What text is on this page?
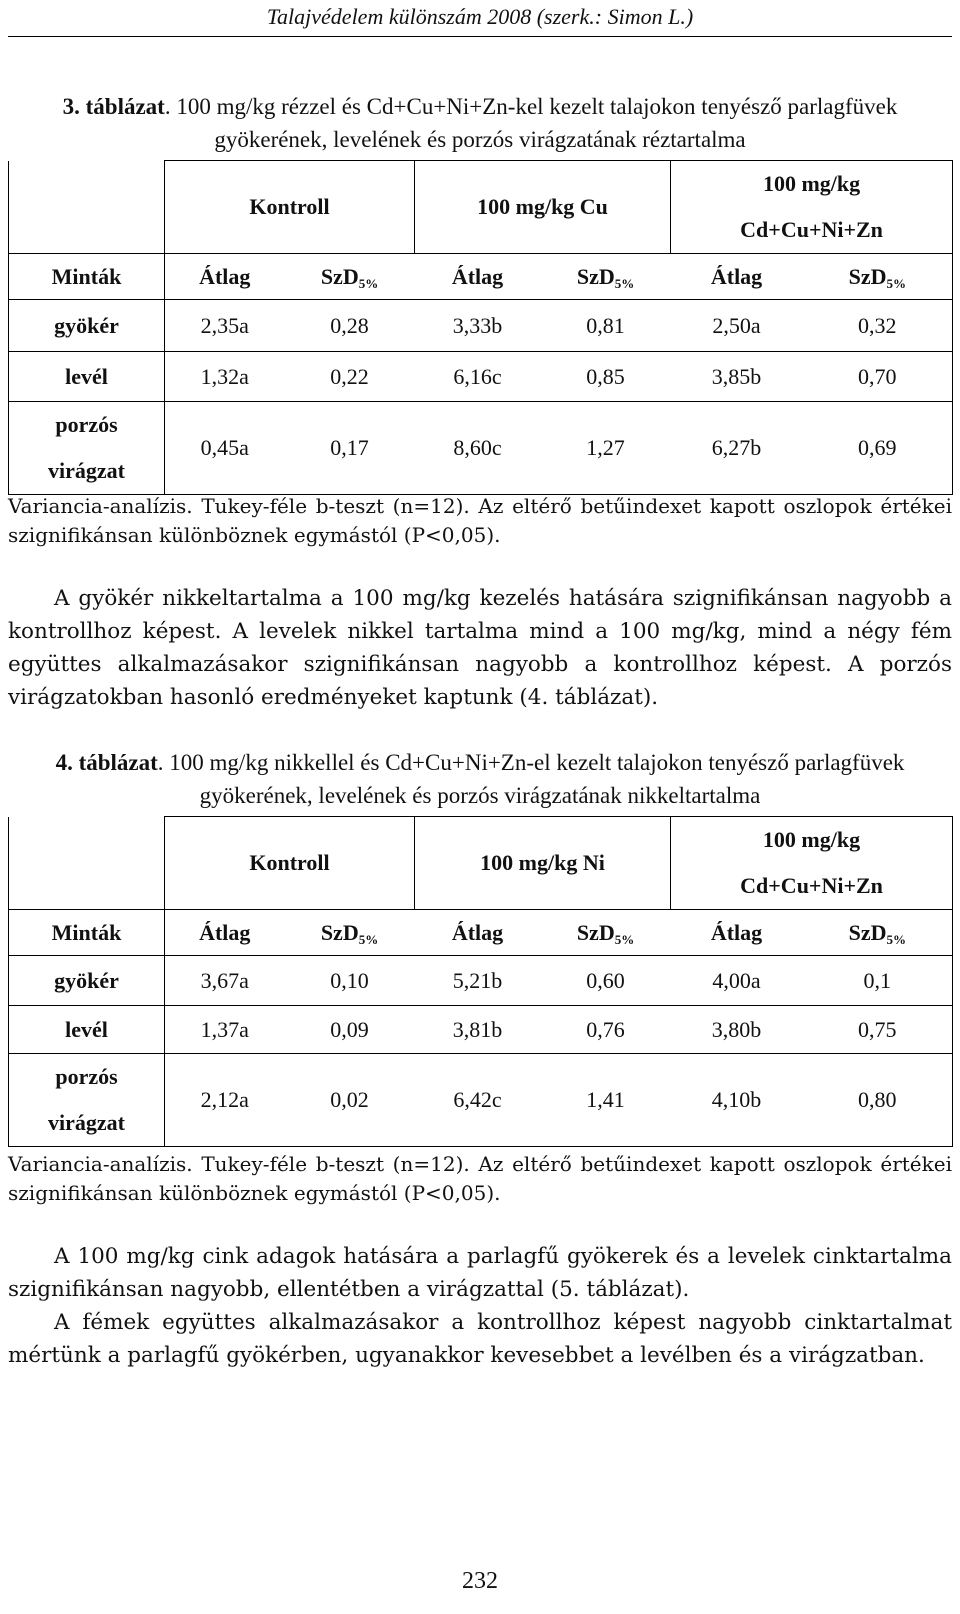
Talajvédelem különszám 2008 (szerk.: Simon L.)
3. táblázat. 100 mg/kg rézzel és Cd+Cu+Ni+Zn-kel kezelt talajokon tenyésző parlagfüvek gyökerének, levelének és porzós virágzatának réztartalma
	Kontroll		100 mg/kg Cu		100 mg/kg
Cd+Cu+Ni+Zn	

Minták	Átlag	SzD$_{5\%}$	Átlag	SzD$_{5\%}$	Átlag	SzD$_{5\%}$
gyökér	2,35a	0,28	3,33b	0,81	2,50a	0,32
levél	1,32a	0,22	6,16c	0,85	3,85b	0,70

porzós
virágzat	0,45a	0,17	8,60c	1,27	6,27b	0,69
Variancia-analízis. Tukey-féle b-teszt (n=12). Az eltérő betűindexet kapott oszlopok értékei szignifikánsan különböznek egymástól (P<0,05).

A gyökér nikkeltartalma a 100 mg/kg kezelés hatására szignifikánsan nagyobb a kontrollhoz képest. A levelek nikkel tartalma mind a 100 mg/kg, mind a négy fém együttes alkalmazásakor szignifikánsan nagyobb a kontrollhoz képest. A porzós virágzatokban hasonló eredményeket kaptunk (4. táblázat).

4. táblázat. 100 mg/kg nikkellel és Cd+Cu+Ni+Zn-el kezelt talajokon tenyésző parlagfüvek gyökerének, levelének és porzós virágzatának nikkeltartalma
	Kontroll		100 mg/kg Ni		100 mg/kg
Cd+Cu+Ni+Zn	

Minták	Átlag	SzD$_{5\%}$	Átlag	SzD$_{5\%}$	Átlag	SzD$_{5\%}$
gyökér	3,67a	0,10	5,21b	0,60	4,00a	0,1
levél	1,37a	0,09	3,81b	0,76	3,80b	0,75

porzós
virágzat	2,12a	0,02	6,42c	1,41	4,10b	0,80
Variancia-analízis. Tukey-féle b-teszt (n=12). Az eltérő betűindexet kapott oszlopok értékei szignifikánsan különböznek egymástól (P<0,05).

A 100 mg/kg cink adagok hatására a parlagfű gyökerek és a levelek cinktartalma szignifikánsan nagyobb, ellentétben a virágzattal (5. táblázat).

A fémek együttes alkalmazásakor a kontrollhoz képest nagyobb cinktartalmat mértünk a parlagfű gyökérben, ugyanakkor kevesebbet a levélben és a virágzatban.

232
